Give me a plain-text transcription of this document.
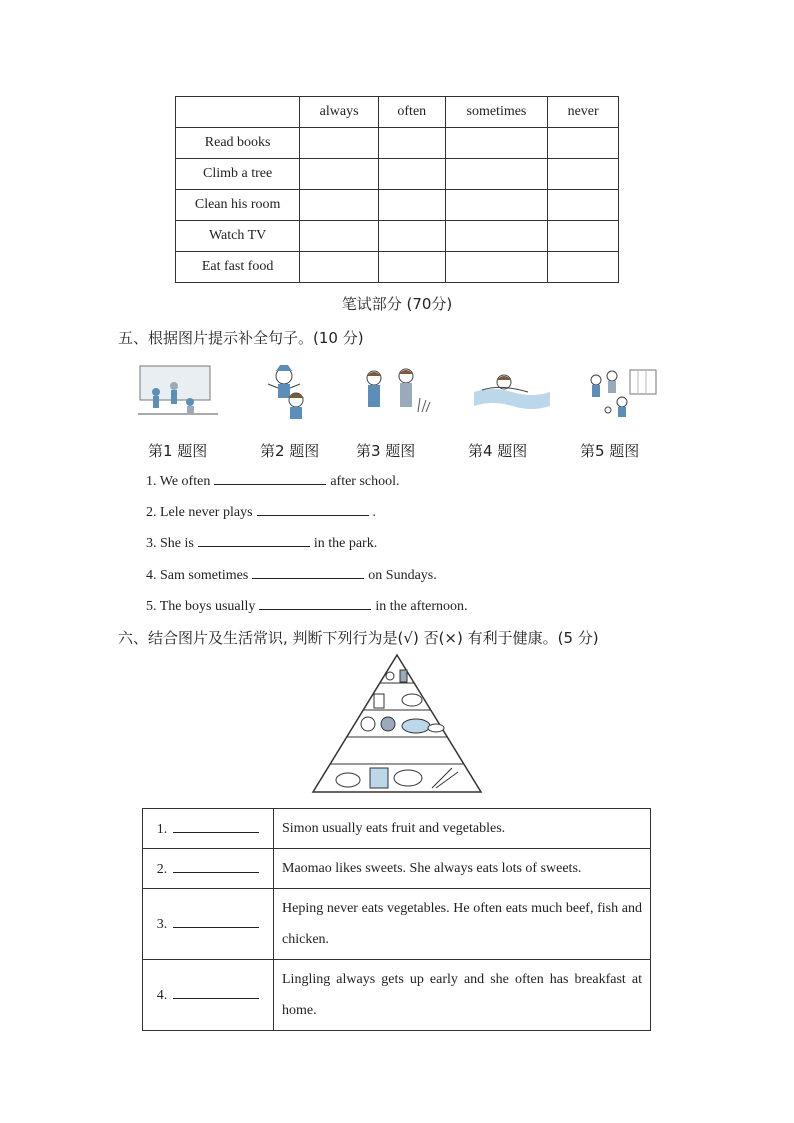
	always	often	sometimes	never
Read books				
Climb a tree				
Clean his room				
Watch TV				
Eat fast food				
笔试部分 (70分)
五、根据图片提示补全句子。(10 分)
第1 题图	第2 题图 第3 题图	第4 题图	第5 题图
1. We often	after school.
2. Lele never plays	.
3. She is	in the park.
4. Sam sometimes	on Sundays.
5. The boys usually	in the afternoon.
六、结合图片及生活常识, 判断下列行为是(√) 否(×) 有利于健康。(5 分)
1.	Simon usually eats fruit and vegetables.
2.	Maomao likes sweets. She always eats lots of sweets.
3.	Heping never eats vegetables. He often eats much beef, fish and chicken.
4.	Lingling always gets up early and she often has breakfast at home.
